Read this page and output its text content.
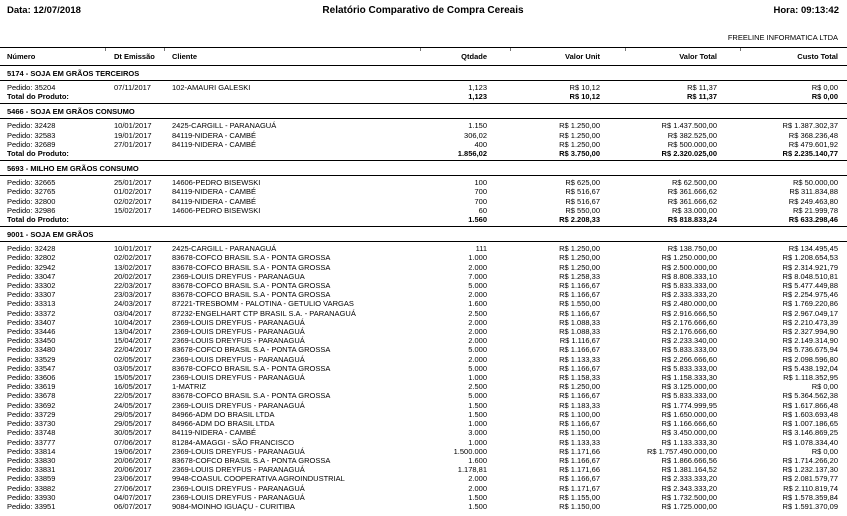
Data: 12/07/2018	Relatório Comparativo de Compra Cereais	Hora: 09:13:42
FREELINE INFORMATICA LTDA
Número	Dt Emissão	Cliente	Qtdade	Valor Unit	Valor Total	Custo Total
5174 - SOJA EM GRÃOS TERCEIROS
Pedido: 35204	07/11/2017	102-AMAURI GALESKI	1,123	R$ 10,12	R$ 11,37	R$ 0,00
Total do Produto:	1,123	R$ 10,12	R$ 11,37	R$ 0,00
5466 - SOJA EM GRÃOS CONSUMO
Pedido: 32428	10/01/2017	2425-CARGILL - PARANAGUÁ	1.150	R$ 1.250,00	R$ 1.437.500,00	R$ 1.387.302,37
Pedido: 32583	19/01/2017	84119-NIDERA - CAMBÉ	306,02	R$ 1.250,00	R$ 382.525,00	R$ 368.236,48
Pedido: 32689	27/01/2017	84119-NIDERA - CAMBÉ	400	R$ 1.250,00	R$ 500.000,00	R$ 479.601,92
Total do Produto:	1.856,02	R$ 3.750,00	R$ 2.320.025,00	R$ 2.235.140,77
5693 - MILHO EM GRÃOS CONSUMO
Pedido: 32665	25/01/2017	14606-PEDRO BISEWSKI	100	R$ 625,00	R$ 62.500,00	R$ 50.000,00
Pedido: 32765	01/02/2017	84119-NIDERA - CAMBÉ	700	R$ 516,67	R$ 361.666,62	R$ 311.834,88
Pedido: 32800	02/02/2017	84119-NIDERA - CAMBÉ	700	R$ 516,67	R$ 361.666,62	R$ 249.463,80
Pedido: 32986	15/02/2017	14606-PEDRO BISEWSKI	60	R$ 550,00	R$ 33.000,00	R$ 21.999,78
Total do Produto:	1.560	R$ 2.208,33	R$ 818.833,24	R$ 633.298,46
9001 - SOJA EM GRÃOS
Pedido: 32428	10/01/2017	2425-CARGILL - PARANAGUÁ	111	R$ 1.250,00	R$ 138.750,00	R$ 134.495,45
Pedido: 32802	02/02/2017	83678-COFCO BRASIL S.A - PONTA GROSSA	1.000	R$ 1.250,00	R$ 1.250.000,00	R$ 1.208.654,53
Pedido: 32942	13/02/2017	83678-COFCO BRASIL S.A - PONTA GROSSA	2.000	R$ 1.250,00	R$ 2.500.000,00	R$ 2.314.921,79
Pedido: 33047	20/02/2017	2369-LOUIS DREYFUS - PARANAGUA	7.000	R$ 1.258,33	R$ 8.808.333,10	R$ 8.048.510,81
Pedido: 33302	22/03/2017	83678-COFCO BRASIL S.A - PONTA GROSSA	5.000	R$ 1.166,67	R$ 5.833.333,00	R$ 5.477.449,88
Pedido: 33307	23/03/2017	83678-COFCO BRASIL S.A - PONTA GROSSA	2.000	R$ 1.166,67	R$ 2.333.333,20	R$ 2.254.975,46
Pedido: 33313	24/03/2017	87221-TRESBOMM - PALOTINA - GETULIO VARGAS	1.600	R$ 1.550,00	R$ 2.480.000,00	R$ 1.769.220,86
Pedido: 33372	03/04/2017	87232-ENGELHART CTP BRASIL S.A. - PARANAGUÁ	2.500	R$ 1.166,67	R$ 2.916.666,50	R$ 2.967.049,17
Pedido: 33407	10/04/2017	2369-LOUIS DREYFUS - PARANAGUÁ	2.000	R$ 1.088,33	R$ 2.176.666,60	R$ 2.210.473,39
Pedido: 33446	13/04/2017	2369-LOUIS DREYFUS - PARANAGUÁ	2.000	R$ 1.088,33	R$ 2.176.666,60	R$ 2.327.994,90
Pedido: 33450	15/04/2017	2369-LOUIS DREYFUS - PARANAGUÁ	2.000	R$ 1.116,67	R$ 2.233.340,00	R$ 2.149.314,90
Pedido: 33480	22/04/2017	83678-COFCO BRASIL S.A - PONTA GROSSA	5.000	R$ 1.166,67	R$ 5.833.333,00	R$ 5.736.675,94
Pedido: 33529	02/05/2017	2369-LOUIS DREYFUS - PARANAGUÁ	2.000	R$ 1.133,33	R$ 2.266.666,60	R$ 2.098.596,80
Pedido: 33547	03/05/2017	83678-COFCO BRASIL S.A - PONTA GROSSA	5.000	R$ 1.166,67	R$ 5.833.333,00	R$ 5.438.192,04
Pedido: 33606	15/05/2017	2369-LOUIS DREYFUS - PARANAGUÁ	1.000	R$ 1.158,33	R$ 1.158.333,30	R$ 1.118.352,95
Pedido: 33619	16/05/2017	1-MATRIZ	2.500	R$ 1.250,00	R$ 3.125.000,00	R$ 0,00
Pedido: 33678	22/05/2017	83678-COFCO BRASIL S.A - PONTA GROSSA	5.000	R$ 1.166,67	R$ 5.833.333,00	R$ 5.364.562,38
Pedido: 33692	24/05/2017	2369-LOUIS DREYFUS - PARANAGUÁ	1.500	R$ 1.183,33	R$ 1.774.999,95	R$ 1.617.866,48
Pedido: 33729	29/05/2017	84966-ADM DO BRASIL LTDA	1.500	R$ 1.100,00	R$ 1.650.000,00	R$ 1.603.693,48
Pedido: 33730	29/05/2017	84966-ADM DO BRASIL LTDA	1.000	R$ 1.166,67	R$ 1.166.666,60	R$ 1.007.186,65
Pedido: 33748	30/05/2017	84119-NIDERA - CAMBÉ	3.000	R$ 1.150,00	R$ 3.450.000,00	R$ 3.146.869,25
Pedido: 33777	07/06/2017	81284-AMAGGI - SÃO FRANCISCO	1.000	R$ 1.133,33	R$ 1.133.333,30	R$ 1.078.334,40
Pedido: 33814	19/06/2017	2369-LOUIS DREYFUS - PARANAGUÁ	1.500.000	R$ 1.171,66	R$ 1.757.490.000,00	R$ 0,00
Pedido: 33830	20/06/2017	83678-COFCO BRASIL S.A - PONTA GROSSA	1.600	R$ 1.166,67	R$ 1.866.666,56	R$ 1.714.266,20
Pedido: 33831	20/06/2017	2369-LOUIS DREYFUS - PARANAGUÁ	1.178,81	R$ 1.171,66	R$ 1.381.164,52	R$ 1.232.137,30
Pedido: 33859	23/06/2017	9948-COASUL COOPERATIVA AGROINDUSTRIAL	2.000	R$ 1.166,67	R$ 2.333.333,20	R$ 2.081.579,77
Pedido: 33882	27/06/2017	2369-LOUIS DREYFUS - PARANAGUÁ	2.000	R$ 1.171,67	R$ 2.343.333,20	R$ 2.110.819,74
Pedido: 33930	04/07/2017	2369-LOUIS DREYFUS - PARANAGUÁ	1.500	R$ 1.155,00	R$ 1.732.500,00	R$ 1.578.359,84
Pedido: 33951	06/07/2017	9084-MOINHO IGUAÇU - CURITIBA	1.500	R$ 1.150,00	R$ 1.725.000,00	R$ 1.591.370,09
